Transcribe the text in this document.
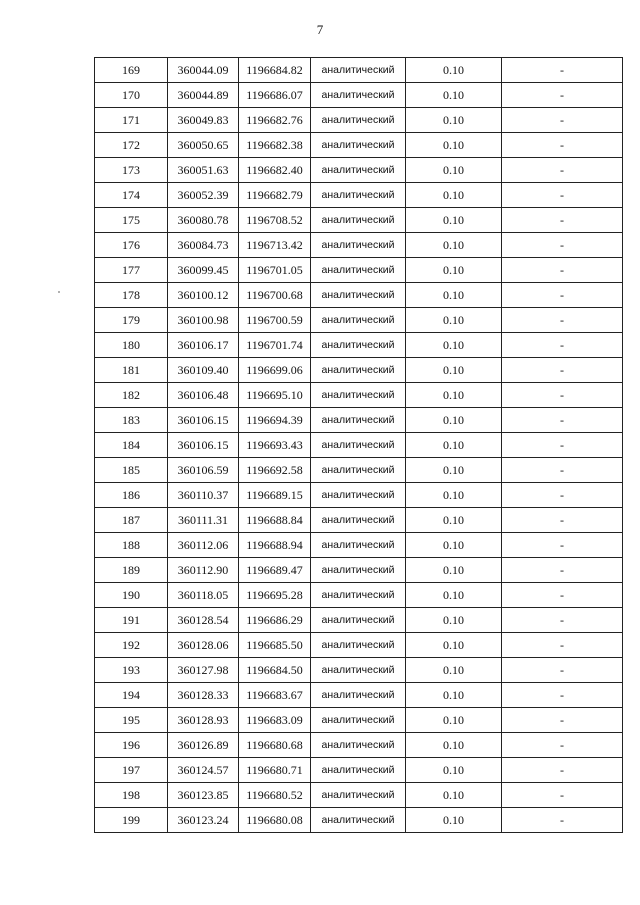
7
169	360044.09	1196684.82	аналитический	0.10	-
170	360044.89	1196686.07	аналитический	0.10	-
171	360049.83	1196682.76	аналитический	0.10	-
172	360050.65	1196682.38	аналитический	0.10	-
173	360051.63	1196682.40	аналитический	0.10	-
174	360052.39	1196682.79	аналитический	0.10	-
175	360080.78	1196708.52	аналитический	0.10	-
176	360084.73	1196713.42	аналитический	0.10	-
177	360099.45	1196701.05	аналитический	0.10	-
178	360100.12	1196700.68	аналитический	0.10	-
179	360100.98	1196700.59	аналитический	0.10	-
180	360106.17	1196701.74	аналитический	0.10	-
181	360109.40	1196699.06	аналитический	0.10	-
182	360106.48	1196695.10	аналитический	0.10	-
183	360106.15	1196694.39	аналитический	0.10	-
184	360106.15	1196693.43	аналитический	0.10	-
185	360106.59	1196692.58	аналитический	0.10	-
186	360110.37	1196689.15	аналитический	0.10	-
187	360111.31	1196688.84	аналитический	0.10	-
188	360112.06	1196688.94	аналитический	0.10	-
189	360112.90	1196689.47	аналитический	0.10	-
190	360118.05	1196695.28	аналитический	0.10	-
191	360128.54	1196686.29	аналитический	0.10	-
192	360128.06	1196685.50	аналитический	0.10	-
193	360127.98	1196684.50	аналитический	0.10	-
194	360128.33	1196683.67	аналитический	0.10	-
195	360128.93	1196683.09	аналитический	0.10	-
196	360126.89	1196680.68	аналитический	0.10	-
197	360124.57	1196680.71	аналитический	0.10	-
198	360123.85	1196680.52	аналитический	0.10	-
199	360123.24	1196680.08	аналитический	0.10	-
